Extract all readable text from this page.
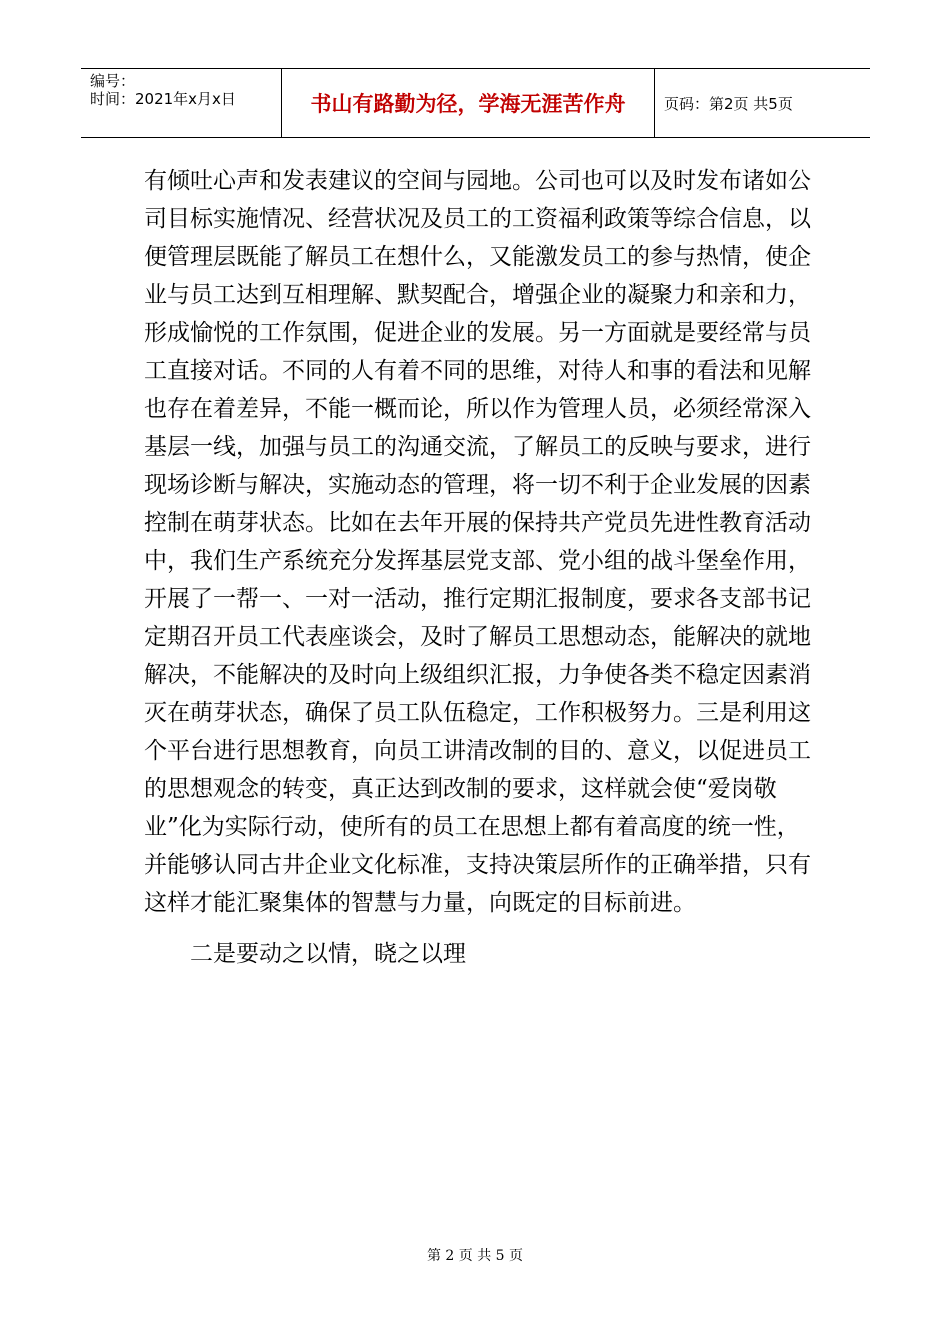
编号：
时间：2021年x月x日	书山有路勤为径，学海无涯苦作舟	页码：第2页 共5页
有倾吐心声和发表建议的空间与园地。公司也可以及时发布诸如公
司目标实施情况、经营状况及员工的工资福利政策等综合信息，以
便管理层既能了解员工在想什么，又能激发员工的参与热情，使企
业与员工达到互相理解、默契配合，增强企业的凝聚力和亲和力，
形成愉悦的工作氛围，促进企业的发展。另一方面就是要经常与员
工直接对话。不同的人有着不同的思维，对待人和事的看法和见解
也存在着差异，不能一概而论，所以作为管理人员，必须经常深入
基层一线，加强与员工的沟通交流，了解员工的反映与要求，进行
现场诊断与解决，实施动态的管理，将一切不利于企业发展的因素
控制在萌芽状态。比如在去年开展的保持共产党员先进性教育活动
中，我们生产系统充分发挥基层党支部、党小组的战斗堡垒作用，
开展了一帮一、一对一活动，推行定期汇报制度，要求各支部书记
定期召开员工代表座谈会，及时了解员工思想动态，能解决的就地
解决，不能解决的及时向上级组织汇报，力争使各类不稳定因素消
灭在萌芽状态，确保了员工队伍稳定，工作积极努力。三是利用这
个平台进行思想教育，向员工讲清改制的目的、意义，以促进员工
的思想观念的转变，真正达到改制的要求，这样就会使“爱岗敬
业”化为实际行动，使所有的员工在思想上都有着高度的统一性，
并能够认同古井企业文化标准，支持决策层所作的正确举措，只有
这样才能汇聚集体的智慧与力量，向既定的目标前进。
二是要动之以情，晓之以理
第 2 页 共 5 页
